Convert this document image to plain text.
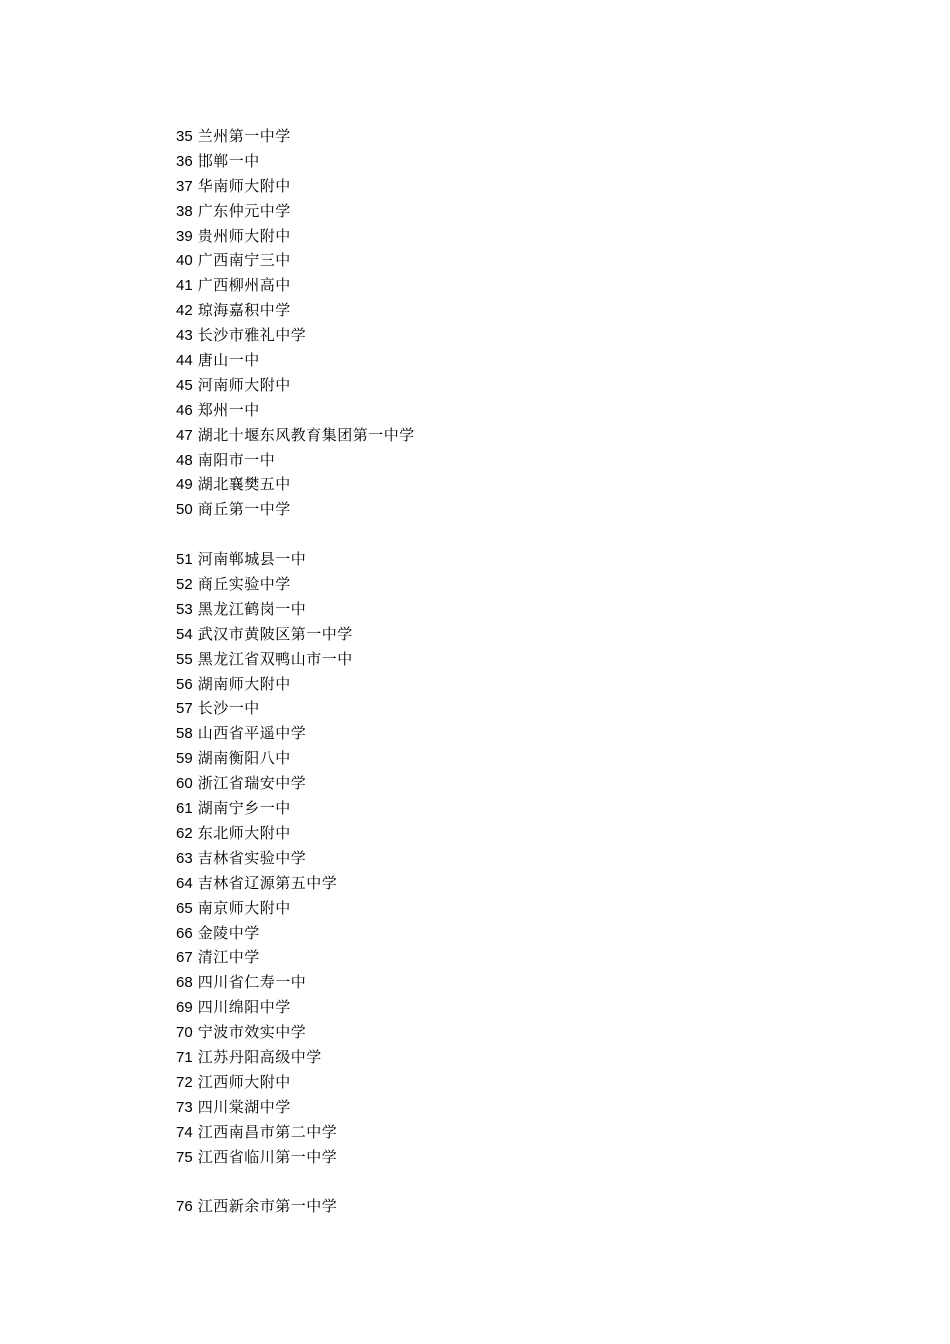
35 兰州第一中学
36 邯郸一中
37 华南师大附中
38 广东仲元中学
39 贵州师大附中
40 广西南宁三中
41 广西柳州高中
42 琼海嘉积中学
43 长沙市雅礼中学
44 唐山一中
45 河南师大附中
46 郑州一中
47 湖北十堰东风教育集团第一中学
48 南阳市一中
49 湖北襄樊五中
50 商丘第一中学
51 河南郸城县一中
52 商丘实验中学
53 黑龙江鹤岗一中
54 武汉市黄陂区第一中学
55 黑龙江省双鸭山市一中
56 湖南师大附中
57 长沙一中
58 山西省平遥中学
59 湖南衡阳八中
60 浙江省瑞安中学
61 湖南宁乡一中
62 东北师大附中
63 吉林省实验中学
64 吉林省辽源第五中学
65 南京师大附中
66 金陵中学
67 清江中学
68 四川省仁寿一中
69 四川绵阳中学
70 宁波市效实中学
71 江苏丹阳高级中学
72 江西师大附中
73 四川棠湖中学
74 江西南昌市第二中学
75 江西省临川第一中学
76 江西新余市第一中学
